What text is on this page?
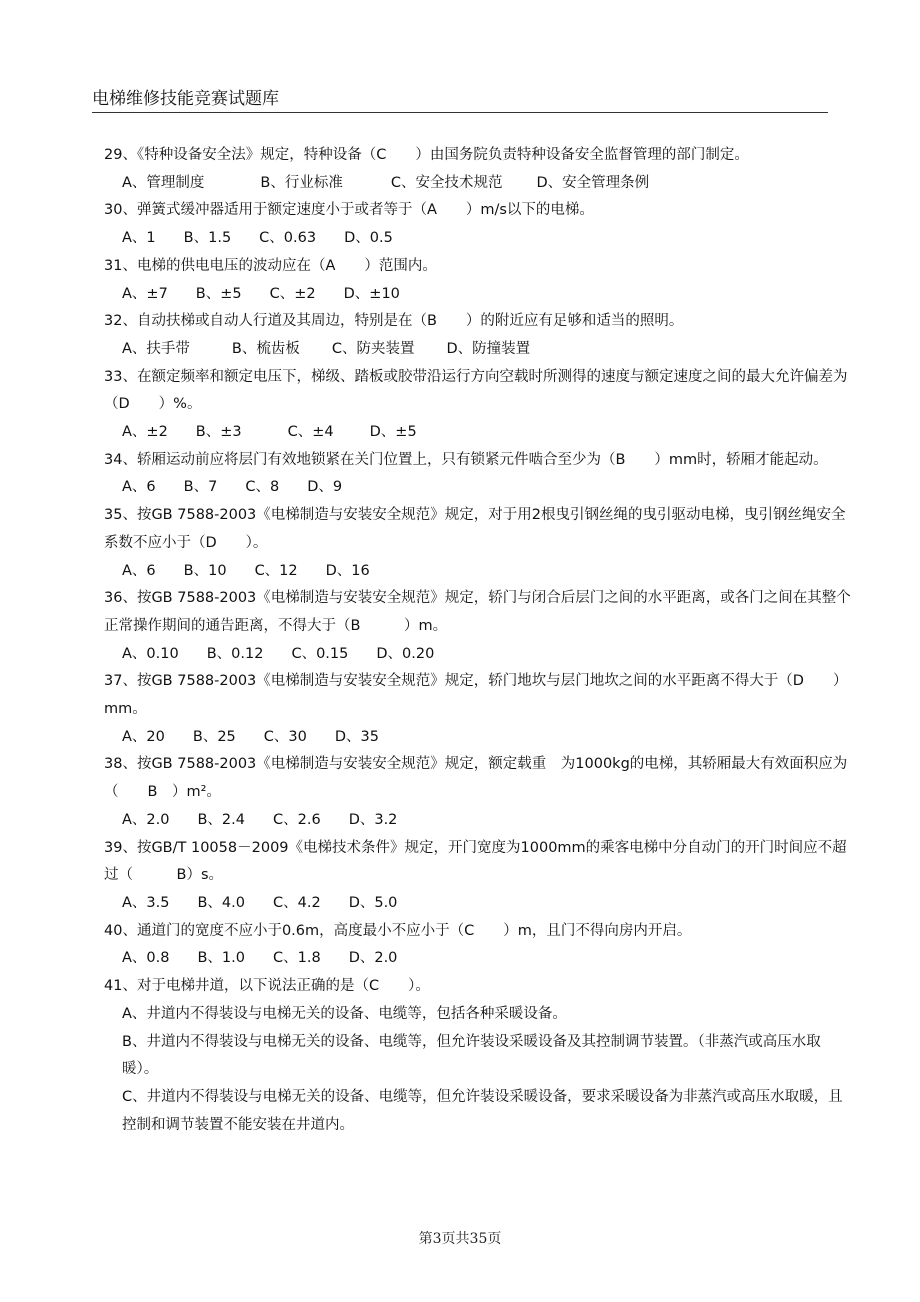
电梯维修技能竞赛试题库
29、《特种设备安全法》规定，特种设备（C　　）由国务院负责特种设备安全监督管理的部门制定。
A、管理制度	B、行业标准	C、安全技术规范 D、安全管理条例
30、弹簧式缓冲器适用于额定速度小于或者等于（A　　）m/s以下的电梯。
A、1 B、1.5 C、0.63 D、0.5
31、电梯的供电电压的波动应在（A　　）范围内。
A、±7 B、±5 C、±2 D、±10
32、自动扶梯或自动人行道及其周边，特别是在（B　　）的附近应有足够和适当的照明。
A、扶手带	B、梳齿板 C、防夹装置 D、防撞装置
33、在额定频率和额定电压下，梯级、踏板或胶带沿运行方向空载时所测得的速度与额定速度之间的最大允许偏差为（D　　）%。
A、±2 B、±3	C、±4 D、±5
34、轿厢运动前应将层门有效地锁紧在关门位置上，只有锁紧元件啮合至少为（B　　）mm时，轿厢才能起动。
A、6 B、7 C、8 D、9
35、按GB 7588-2003《电梯制造与安装安全规范》规定，对于用2根曳引钢丝绳的曳引驱动电梯，曳引钢丝绳安全系数不应小于（D　　）。
A、6 B、10 C、12 D、16
36、按GB 7588-2003《电梯制造与安装安全规范》规定，轿门与闭合后层门之间的水平距离，或各门之间在其整个正常操作期间的通告距离，不得大于（B　　　）m。
A、0.10 B、0.12 C、0.15 D、0.20
37、按GB 7588-2003《电梯制造与安装安全规范》规定，轿门地坎与层门地坎之间的水平距离不得大于（D　　）mm。
A、20 B、25 C、30 D、35
38、按GB 7588-2003《电梯制造与安装安全规范》规定，额定载重　为1000kg的电梯，其轿厢最大有效面积应为（　　B　）m²。
A、2.0 B、2.4 C、2.6 D、3.2
39、按GB/T 10058－2009《电梯技术条件》规定，开门宽度为1000mm的乘客电梯中分自动门的开门时间应不超过（　　　B）s。
A、3.5 B、4.0 C、4.2 D、5.0
40、通道门的宽度不应小于0.6m，高度最小不应小于（C　　）m，且门不得向房内开启。
A、0.8 B、1.0 C、1.8 D、2.0
41、对于电梯井道，以下说法正确的是（C　　）。
A、井道内不得装设与电梯无关的设备、电缆等，包括各种采暖设备。
B、井道内不得装设与电梯无关的设备、电缆等，但允许装设采暖设备及其控制调节装置。（非蒸汽或高压水取暖）。
C、井道内不得装设与电梯无关的设备、电缆等，但允许装设采暖设备，要求采暖设备为非蒸汽或高压水取暖，且控制和调节装置不能安装在井道内。
第3页共35页
